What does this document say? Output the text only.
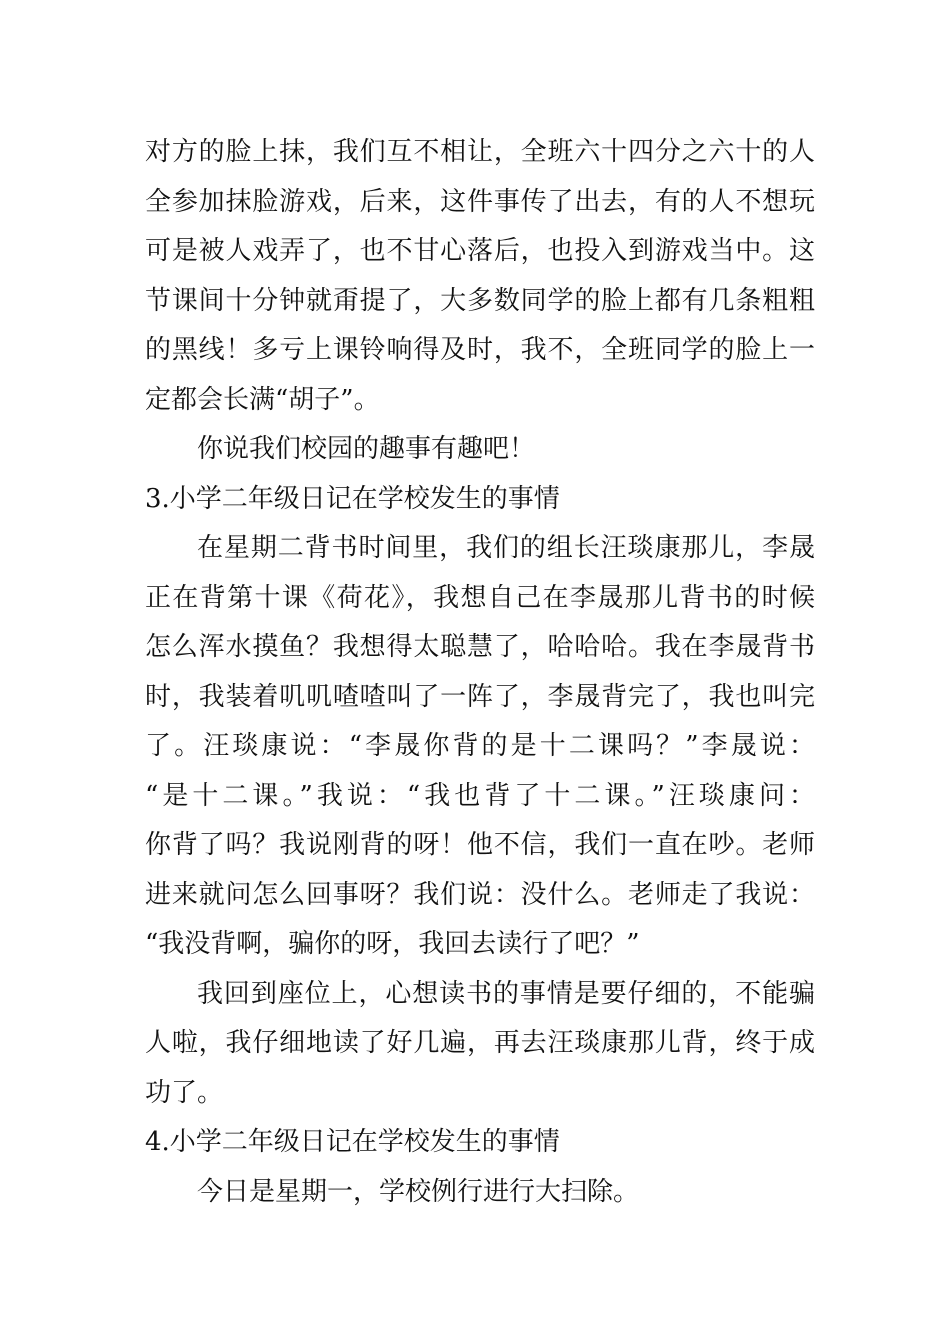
对方的脸上抹，我们互不相让，全班六十四分之六十的人
全参加抹脸游戏，后来，这件事传了出去，有的人不想玩
可是被人戏弄了，也不甘心落后，也投入到游戏当中。这
节课间十分钟就甭提了，大多数同学的脸上都有几条粗粗
的黑线！多亏上课铃响得及时，我不，全班同学的脸上一
定都会长满“胡子”。
你说我们校园的趣事有趣吧！
3.小学二年级日记在学校发生的事情
在星期二背书时间里，我们的组长汪琰康那儿，李晟
正在背第十课《荷花》，我想自己在李晟那儿背书的时候
怎么浑水摸鱼？我想得太聪慧了，哈哈哈。我在李晟背书
时，我装着叽叽喳喳叫了一阵了，李晟背完了，我也叫完
了。汪琰康说：“李晟你背的是十二课吗？”李晟说：
“是十二课。”我说：“我也背了十二课。”汪琰康问：
你背了吗？我说刚背的呀！他不信，我们一直在吵。老师
进来就问怎么回事呀？我们说：没什么。老师走了我说：
“我没背啊，骗你的呀，我回去读行了吧？”
我回到座位上，心想读书的事情是要仔细的，不能骗
人啦，我仔细地读了好几遍，再去汪琰康那儿背，终于成
功了。
4.小学二年级日记在学校发生的事情
今日是星期一，学校例行进行大扫除。
